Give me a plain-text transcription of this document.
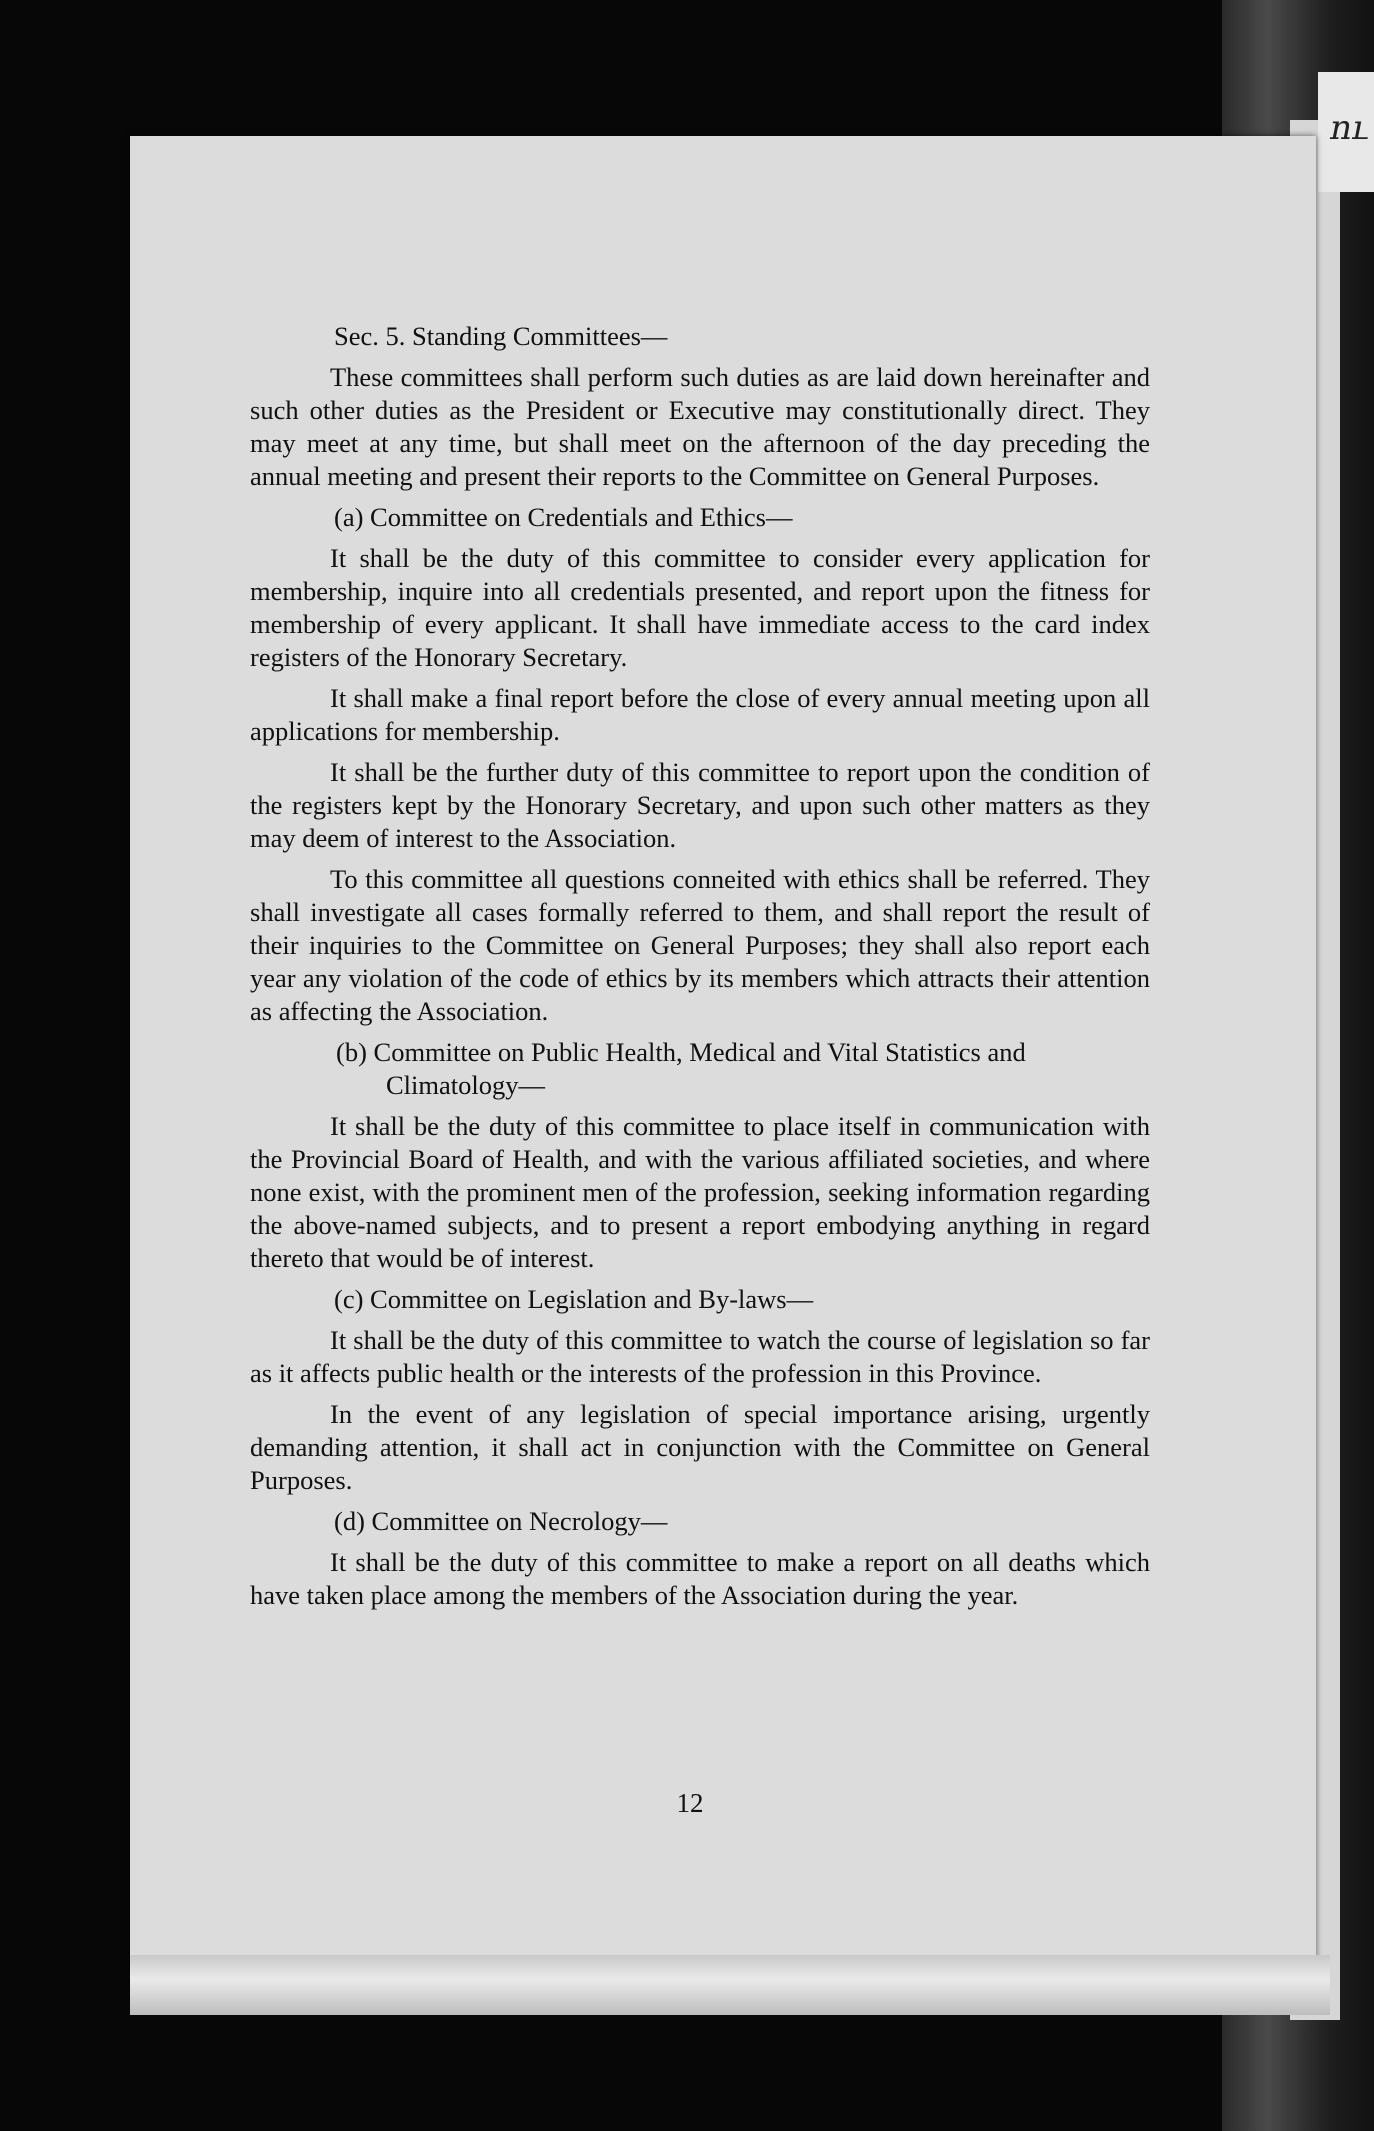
ու

Sec. 5. Standing Committees—

These committees shall perform such duties as are laid down hereinafter and such other duties as the President or Executive may constitutionally direct. They may meet at any time, but shall meet on the afternoon of the day preceding the annual meeting and present their reports to the Committee on General Purposes.

(a) Committee on Credentials and Ethics—

It shall be the duty of this committee to consider every application for membership, inquire into all credentials presented, and report upon the fitness for membership of every applicant. It shall have immediate access to the card index registers of the Honorary Secretary.

It shall make a final report before the close of every annual meeting upon all applications for membership.

It shall be the further duty of this committee to report upon the condition of the registers kept by the Honorary Secretary, and upon such other matters as they may deem of interest to the Association.

To this committee all questions conneited with ethics shall be referred. They shall investigate all cases formally referred to them, and shall report the result of their inquiries to the Committee on General Purposes; they shall also report each year any violation of the code of ethics by its members which attracts their attention as affecting the Association.

(b) Committee on Public Health, Medical and Vital Statistics and Climatology—

It shall be the duty of this committee to place itself in communication with the Provincial Board of Health, and with the various affiliated societies, and where none exist, with the prominent men of the profession, seeking information regarding the above-named subjects, and to present a report embodying anything in regard thereto that would be of interest.

(c) Committee on Legislation and By-laws—

It shall be the duty of this committee to watch the course of legislation so far as it affects public health or the interests of the profession in this Province.

In the event of any legislation of special importance arising, urgently demanding attention, it shall act in conjunction with the Committee on General Purposes.

(d) Committee on Necrology—

It shall be the duty of this committee to make a report on all deaths which have taken place among the members of the Association during the year.

12
